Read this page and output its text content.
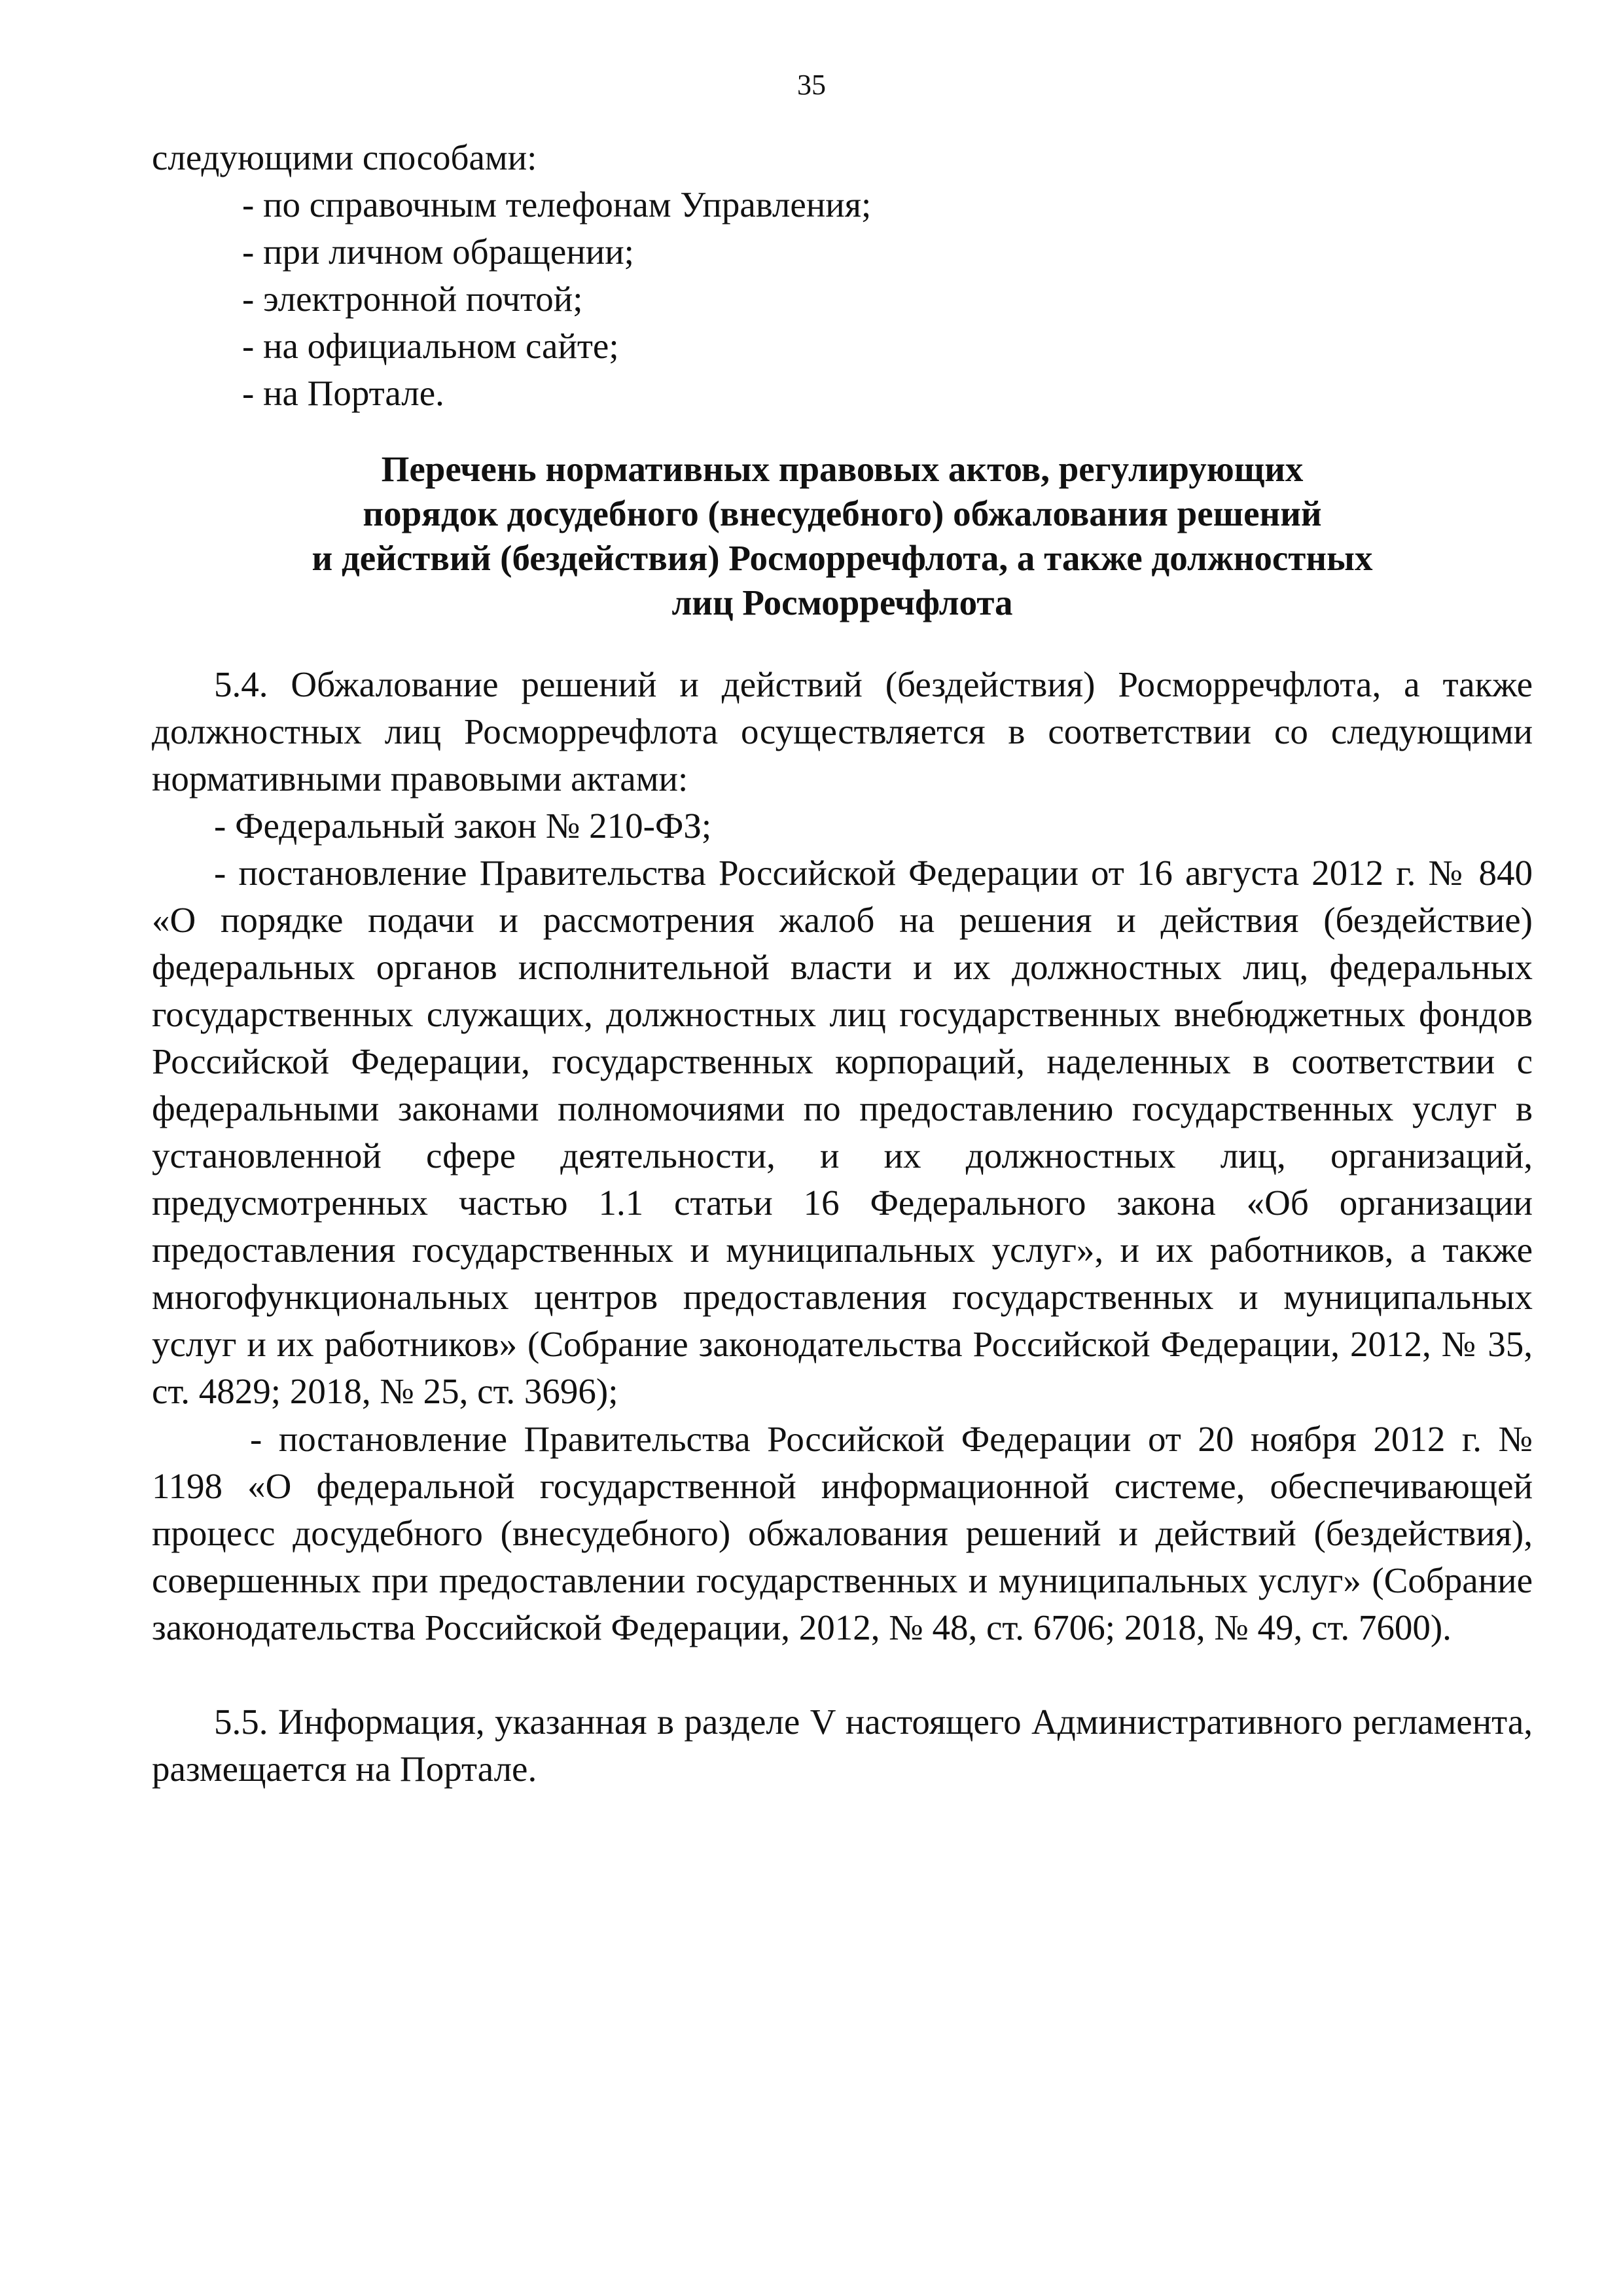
35
следующими способами:
- по справочным телефонам Управления;
- при личном обращении;
- электронной почтой;
- на официальном сайте;
- на Портале.
Перечень нормативных правовых актов, регулирующих
порядок досудебного (внесудебного) обжалования решений
и действий (бездействия) Росморречфлота, а также должностных
лиц Росморречфлота

5.4. Обжалование решений и действий (бездействия) Росморречфлота, а также должностных лиц Росморречфлота осуществляется в соответствии со следующими нормативными правовыми актами:

- Федеральный закон № 210-ФЗ;

- постановление Правительства Российской Федерации от 16 августа 2012 г. № 840 «О порядке подачи и рассмотрения жалоб на решения и действия (бездействие) федеральных органов исполнительной власти и их должностных лиц, федеральных государственных служащих, должностных лиц государственных внебюджетных фондов Российской Федерации, государственных корпораций, наделенных в соответствии с федеральными законами полномочиями по предоставлению государственных услуг в установленной сфере деятельности, и их должностных лиц, организаций, предусмотренных частью 1.1 статьи 16 Федерального закона «Об организации предоставления государственных и муниципальных услуг», и их работников, а также многофункциональных центров предоставления государственных и муниципальных услуг и их работников» (Собрание законодательства Российской Федерации, 2012, № 35, ст. 4829; 2018, № 25, ст. 3696);

- постановление Правительства Российской Федерации от 20 ноября 2012 г. № 1198 «О федеральной государственной информационной системе, обеспечивающей процесс досудебного (внесудебного) обжалования решений и действий (бездействия), совершенных при предоставлении государственных и муниципальных услуг» (Собрание законодательства Российской Федерации, 2012, № 48, ст. 6706; 2018, № 49, ст. 7600).

5.5. Информация, указанная в разделе V настоящего Административного регламента, размещается на Портале.
